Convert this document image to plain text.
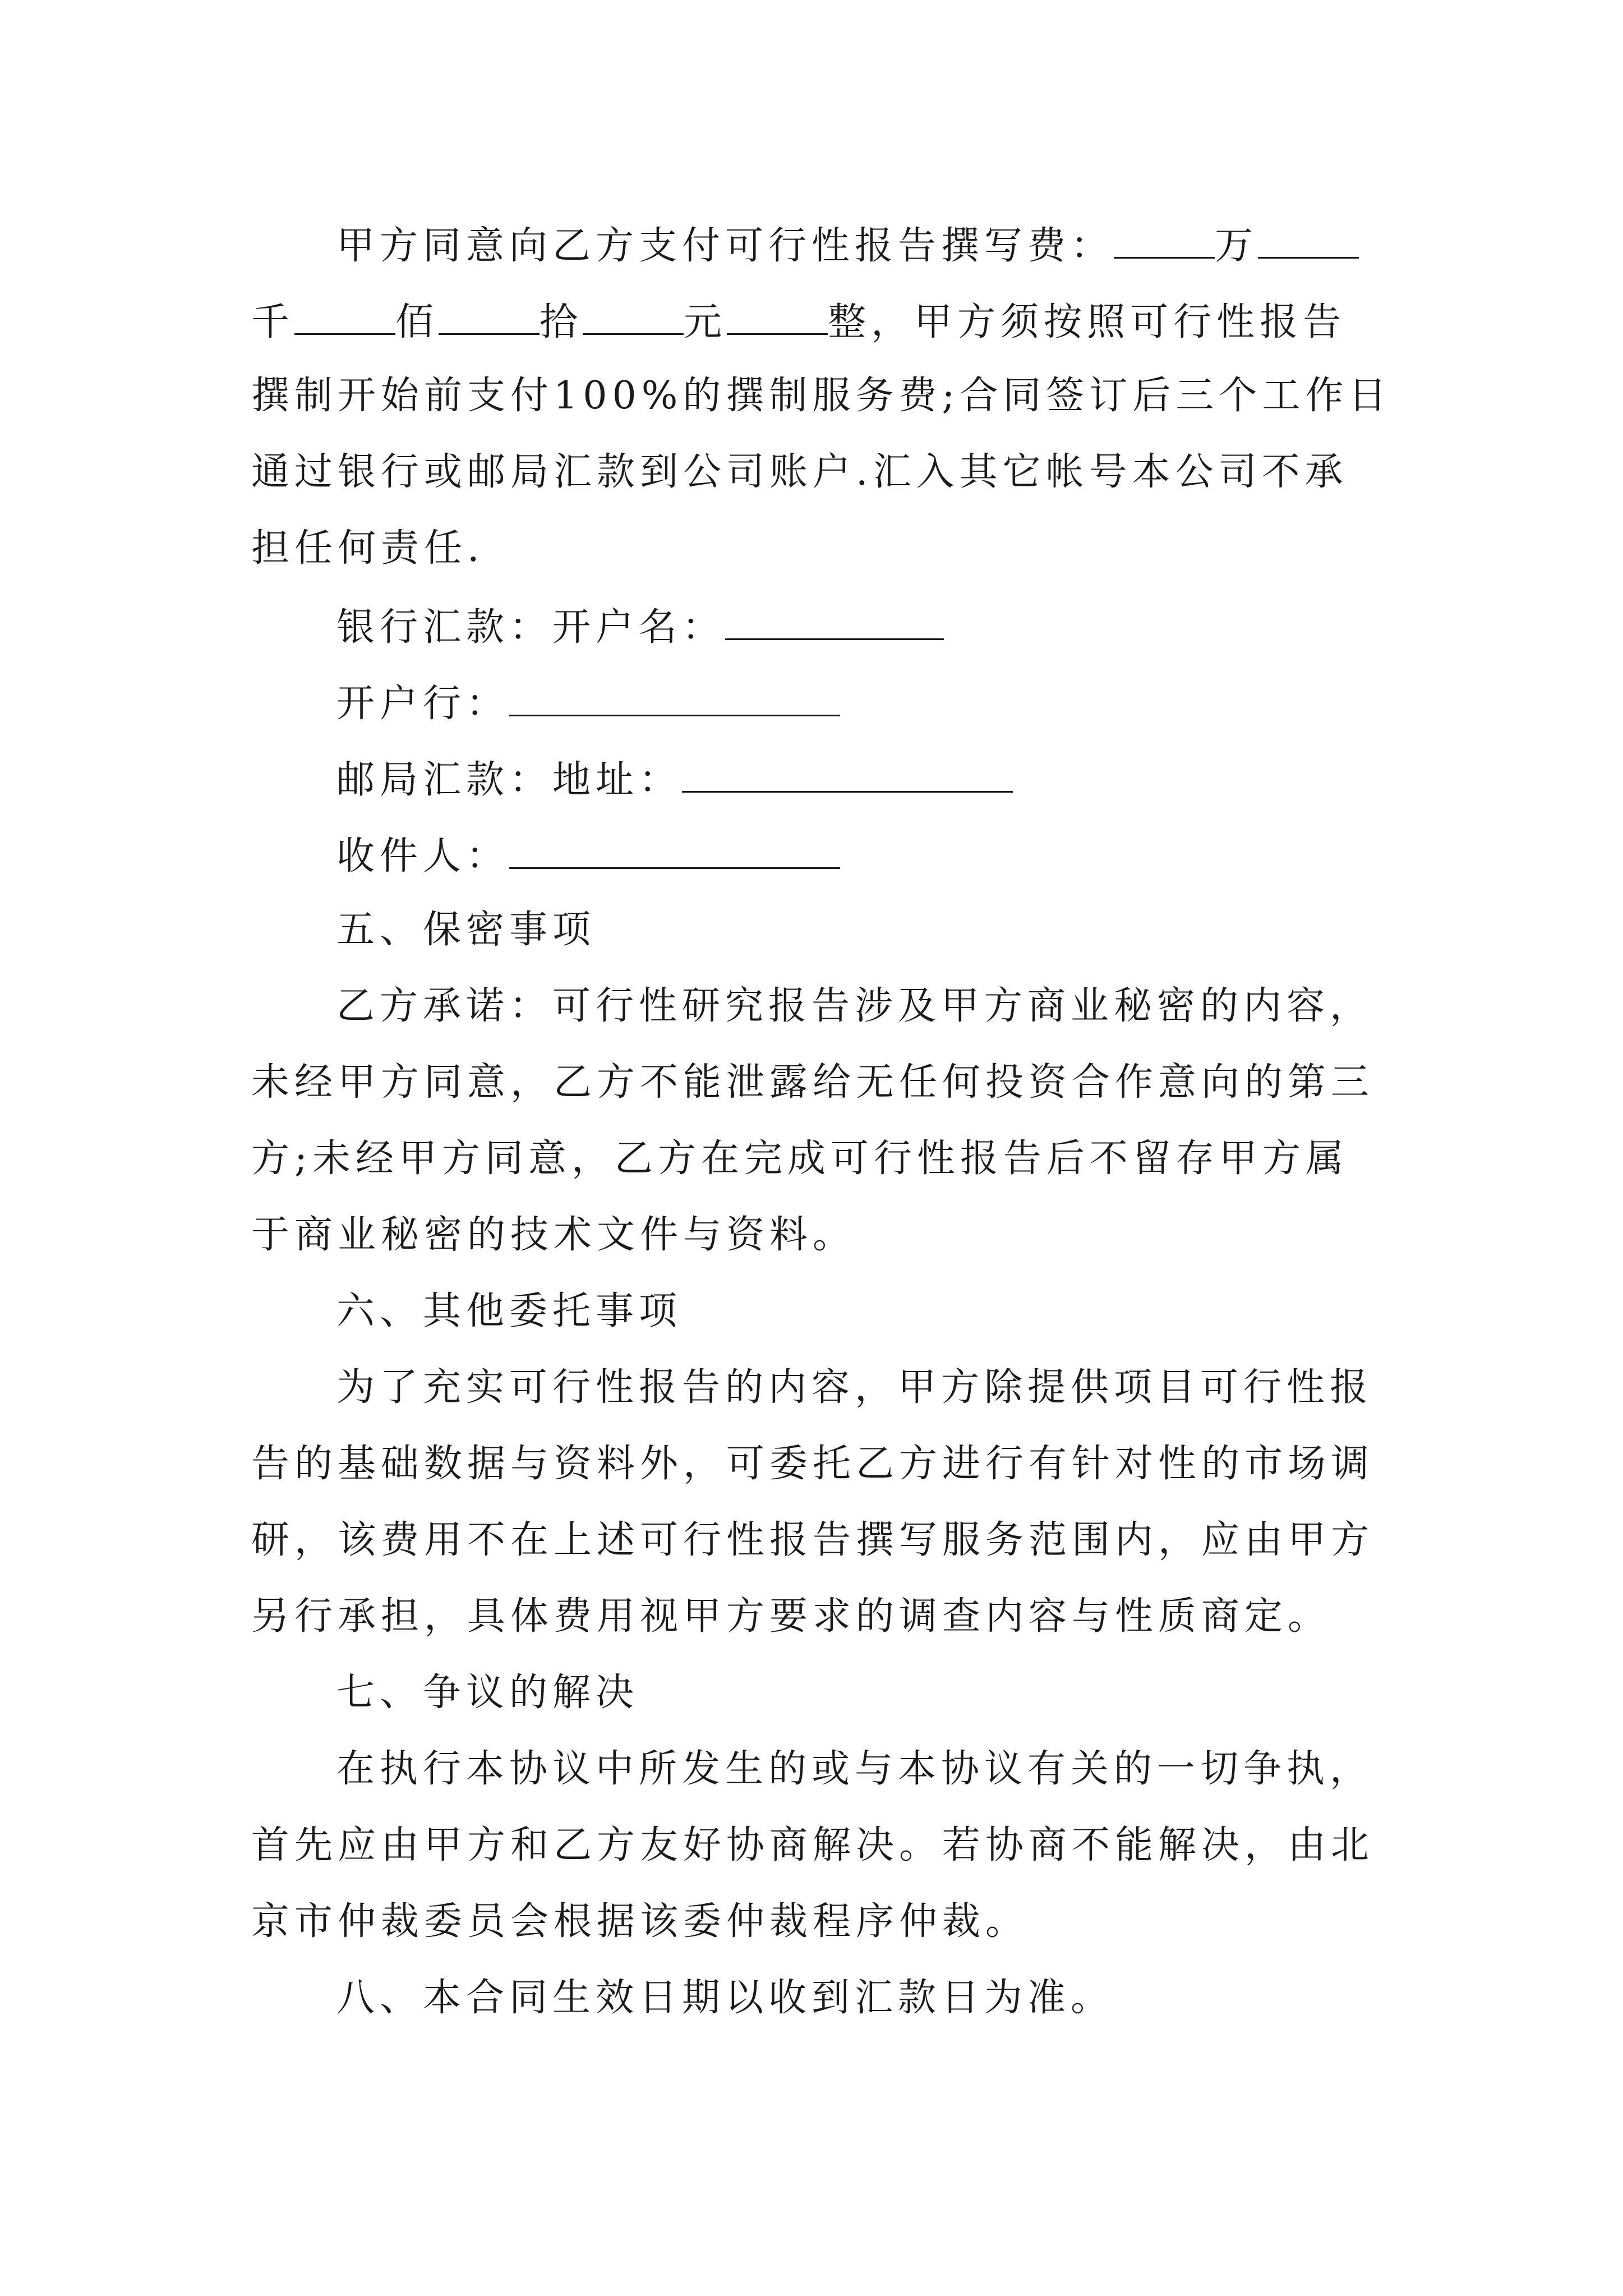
甲方同意向乙方支付可行性报告撰写费：	万
千	佰	拾	元	整，甲方须按照可行性报告
撰制开始前支付100%的撰制服务费;合同签订后三个工作日
通过银行或邮局汇款到公司账户.汇入其它帐号本公司不承
担任何责任.
银行汇款：开户名：
开户行：
邮局汇款：地址：
收件人：
五、保密事项
乙方承诺：可行性研究报告涉及甲方商业秘密的内容，
未经甲方同意，乙方不能泄露给无任何投资合作意向的第三
方;未经甲方同意，乙方在完成可行性报告后不留存甲方属
于商业秘密的技术文件与资料。
六、其他委托事项
为了充实可行性报告的内容，甲方除提供项目可行性报
告的基础数据与资料外，可委托乙方进行有针对性的市场调
研，该费用不在上述可行性报告撰写服务范围内，应由甲方
另行承担，具体费用视甲方要求的调查内容与性质商定。
七、争议的解决
在执行本协议中所发生的或与本协议有关的一切争执，
首先应由甲方和乙方友好协商解决。若协商不能解决，由北
京市仲裁委员会根据该委仲裁程序仲裁。
八、本合同生效日期以收到汇款日为准。
